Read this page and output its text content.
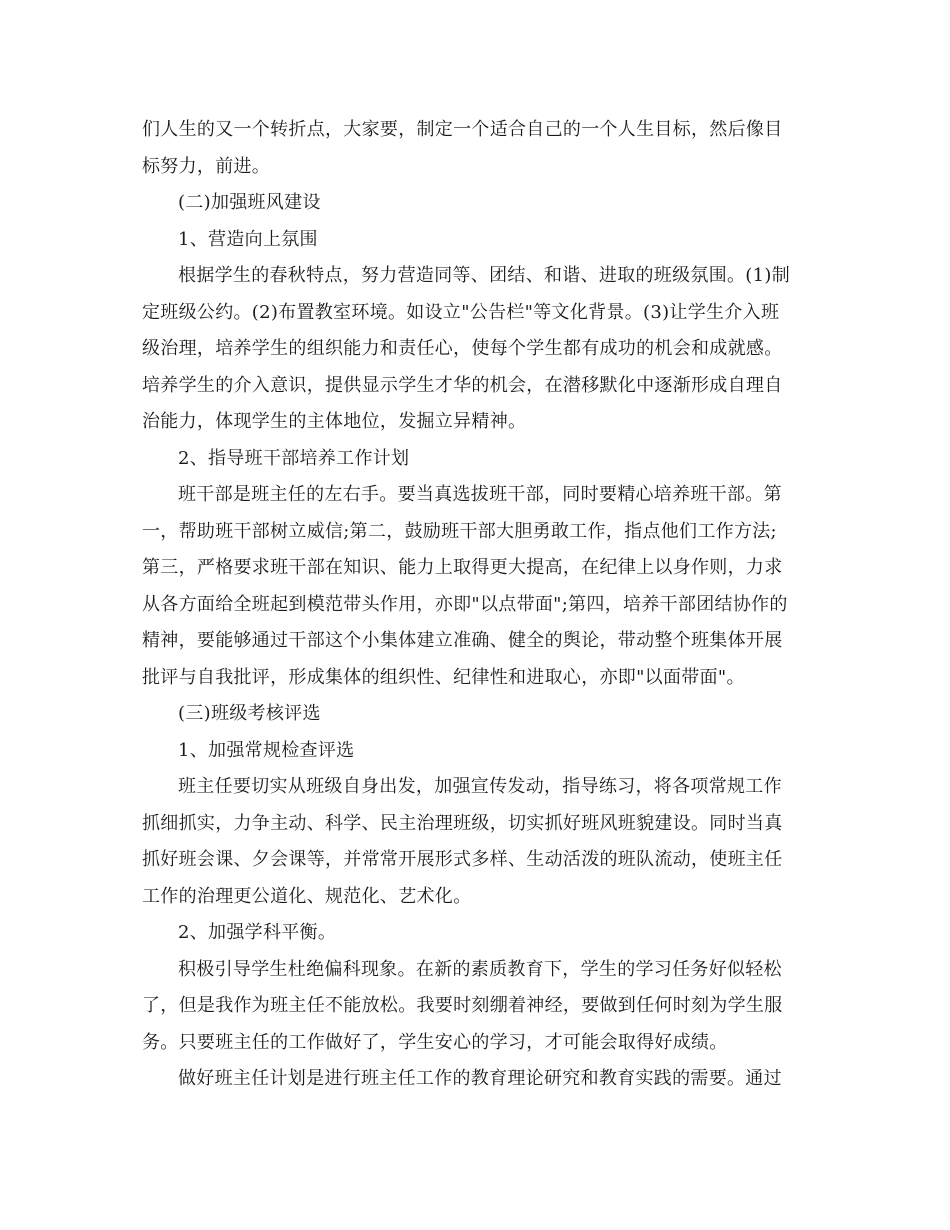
们人生的又一个转折点，大家要，制定一个适合自己的一个人生目标，然后像目
标努力，前进。
(二)加强班风建设
1、营造向上氛围
根据学生的春秋特点，努力营造同等、团结、和谐、进取的班级氛围。(1)制
定班级公约。(2)布置教室环境。如设立"公告栏"等文化背景。(3)让学生介入班
级治理，培养学生的组织能力和责任心，使每个学生都有成功的机会和成就感。
培养学生的介入意识，提供显示学生才华的机会，在潜移默化中逐渐形成自理自
治能力，体现学生的主体地位，发掘立异精神。
2、指导班干部培养工作计划
班干部是班主任的左右手。要当真选拔班干部，同时要精心培养班干部。第
一，帮助班干部树立威信;第二，鼓励班干部大胆勇敢工作，指点他们工作方法;
第三，严格要求班干部在知识、能力上取得更大提高，在纪律上以身作则，力求
从各方面给全班起到模范带头作用，亦即"以点带面";第四，培养干部团结协作的
精神，要能够通过干部这个小集体建立准确、健全的舆论，带动整个班集体开展
批评与自我批评，形成集体的组织性、纪律性和进取心，亦即"以面带面"。
(三)班级考核评选
1、加强常规检查评选
班主任要切实从班级自身出发，加强宣传发动，指导练习，将各项常规工作
抓细抓实，力争主动、科学、民主治理班级，切实抓好班风班貌建设。同时当真
抓好班会课、夕会课等，并常常开展形式多样、生动活泼的班队流动，使班主任
工作的治理更公道化、规范化、艺术化。
2、加强学科平衡。
积极引导学生杜绝偏科现象。在新的素质教育下，学生的学习任务好似轻松
了，但是我作为班主任不能放松。我要时刻绷着神经，要做到任何时刻为学生服
务。只要班主任的工作做好了，学生安心的学习，才可能会取得好成绩。
做好班主任计划是进行班主任工作的教育理论研究和教育实践的需要。通过
